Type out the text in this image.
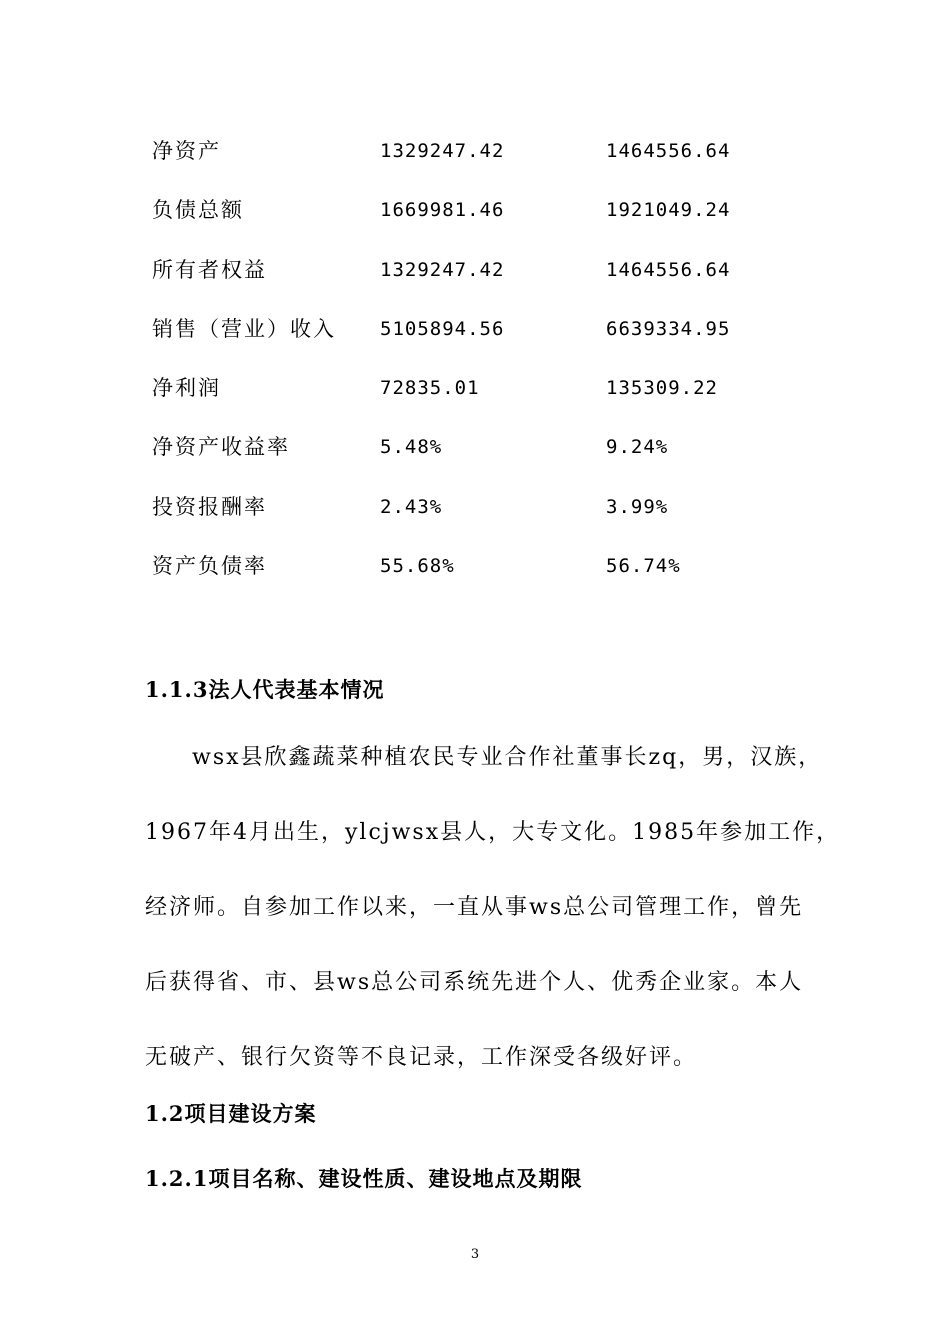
净资产	1329247.42	1464556.64
负债总额	1669981.46	1921049.24
所有者权益	1329247.42	1464556.64
销售（营业）收入 5105894.56	6639334.95
净利润	72835.01	135309.22
净资产收益率	5.48%	9.24%
投资报酬率	2.43%	3.99%
资产负债率	55.68%	56.74%
1.1.3法人代表基本情况
wsx县欣鑫蔬菜种植农民专业合作社董事长zq，男，汉族，
1967年4月出生，ylcjwsx县人，大专文化。1985年参加工作，
经济师。自参加工作以来，一直从事ws总公司管理工作，曾先
后获得省、市、县ws总公司系统先进个人、优秀企业家。本人
无破产、银行欠资等不良记录，工作深受各级好评。
1.2项目建设方案
1.2.1项目名称、建设性质、建设地点及期限
3
